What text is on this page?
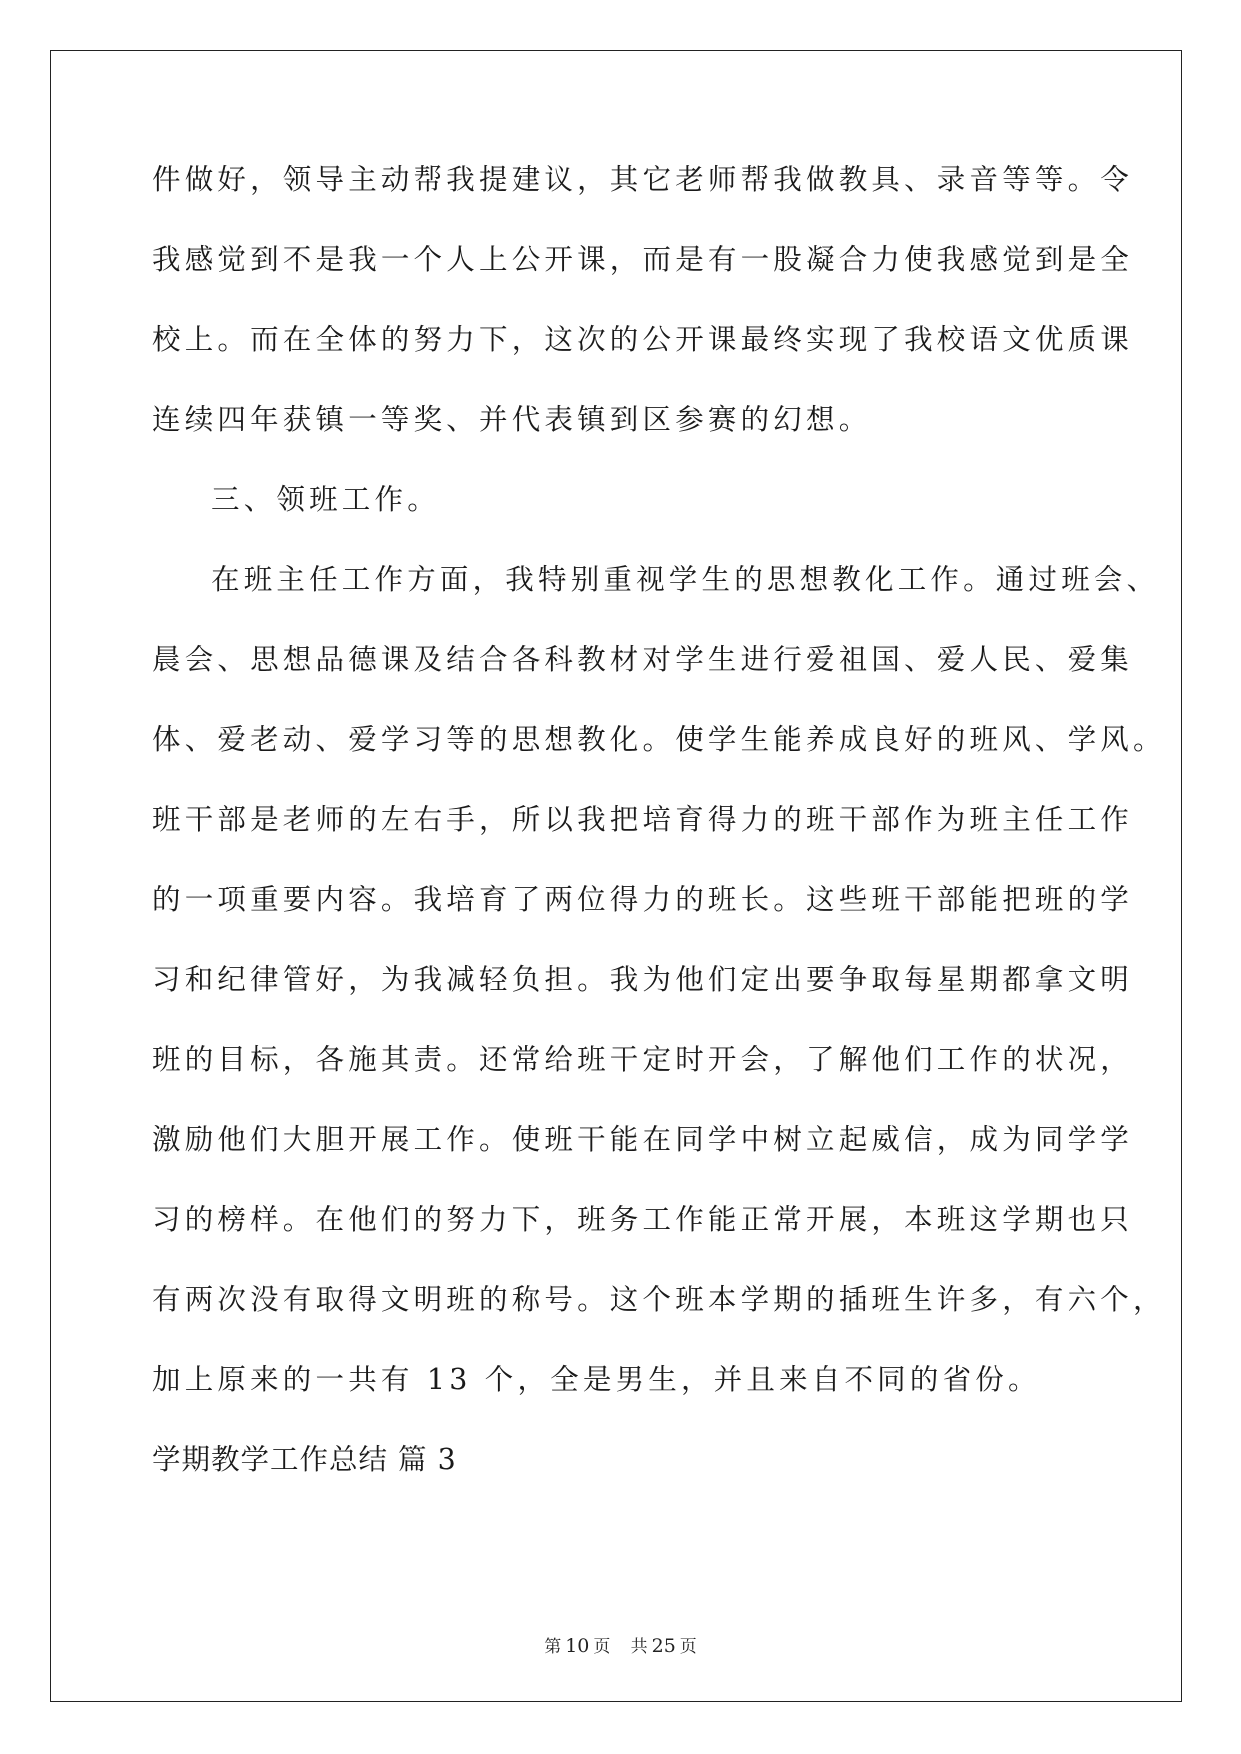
件做好，领导主动帮我提建议，其它老师帮我做教具、录音等等。令
我感觉到不是我一个人上公开课，而是有一股凝合力使我感觉到是全
校上。而在全体的努力下，这次的公开课最终实现了我校语文优质课
连续四年获镇一等奖、并代表镇到区参赛的幻想。
三、领班工作。
在班主任工作方面，我特别重视学生的思想教化工作。通过班会、
晨会、思想品德课及结合各科教材对学生进行爱祖国、爱人民、爱集
体、爱老动、爱学习等的思想教化。使学生能养成良好的班风、学风。
班干部是老师的左右手，所以我把培育得力的班干部作为班主任工作
的一项重要内容。我培育了两位得力的班长。这些班干部能把班的学
习和纪律管好，为我减轻负担。我为他们定出要争取每星期都拿文明
班的目标，各施其责。还常给班干定时开会，了解他们工作的状况，
激励他们大胆开展工作。使班干能在同学中树立起威信，成为同学学
习的榜样。在他们的努力下，班务工作能正常开展，本班这学期也只
有两次没有取得文明班的称号。这个班本学期的插班生许多，有六个，
加上原来的一共有 13 个，全是男生，并且来自不同的省份。
学期教学工作总结 篇 3
第 10 页 共 25 页
